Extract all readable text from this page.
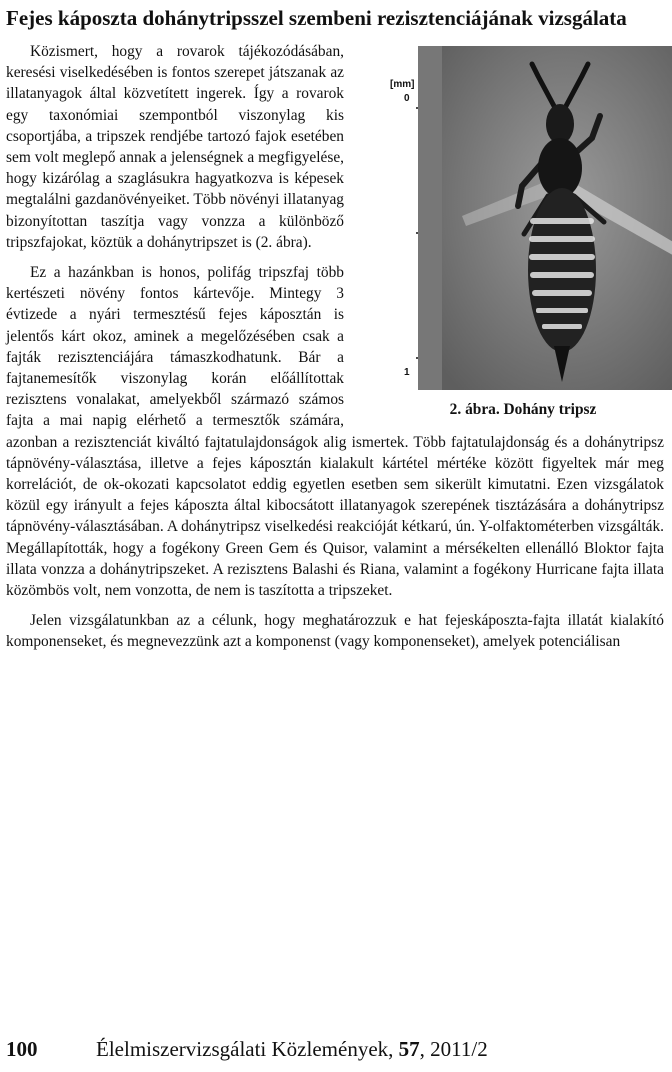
Fejes káposzta dohánytripsszel szembeni rezisztenciájának vizsgálata

[mm]
0
1
2. ábra. Dohány tripsz
Közismert, hogy a rovarok tájékozódásában, keresési viselkedésében is fontos szerepet játszanak az illatanyagok által közvetített ingerek. Így a rovarok egy taxonómiai szempontból viszonylag kis csoportjába, a tripszek rendjébe tartozó fajok esetében sem volt meglepő annak a jelenségnek a megfigyelése, hogy kizárólag a szaglásukra hagyatkozva is képesek megtalálni gazdanövényeiket. Több növényi illatanyag bizonyítottan taszítja vagy vonzza a különböző tripszfajokat, köztük a dohánytripszet is (2. ábra).

Ez a hazánkban is honos, polifág tripszfaj több kertészeti növény fontos kártevője. Mintegy 3 évtizede a nyári termesztésű fejes káposztán is jelentős kárt okoz, aminek a megelőzésében csak a fajták rezisztenciájára támaszkodhatunk. Bár a fajtanemesítők viszonylag korán előállítottak rezisztens vonalakat, amelyekből származó számos fajta a mai napig elérhető a termesztők számára, azonban a rezisztenciát kiváltó fajtatulajdonságok alig ismertek. Több fajtatulajdonság és a dohánytripsz tápnövény-választása, illetve a fejes káposztán kialakult kártétel mértéke között figyeltek már meg korrelációt, de ok-okozati kapcsolatot eddig egyetlen esetben sem sikerült kimutatni. Ezen vizsgálatok közül egy irányult a fejes káposzta által kibocsátott illatanyagok szerepének tisztázására a dohánytripsz tápnövény-választásában. A dohánytripsz viselkedési reakcióját kétkarú, ún. Y-olfaktométerben vizsgálták. Megállapították, hogy a fogékony Green Gem és Quisor, valamint a mérsékelten ellenálló Bloktor fajta illata vonzza a dohánytripszeket. A rezisztens Balashi és Riana, valamint a fogékony Hurricane fajta illata közömbös volt, nem vonzotta, de nem is taszította a tripszeket.

Jelen vizsgálatunkban az a célunk, hogy meghatározzuk e hat fejeskáposzta-fajta illatát kialakító komponenseket, és megnevezzünk azt a komponenst (vagy komponenseket), amelyek potenciálisan

100	Élelmiszervizsgálati Közlemények, 57, 2011/2
